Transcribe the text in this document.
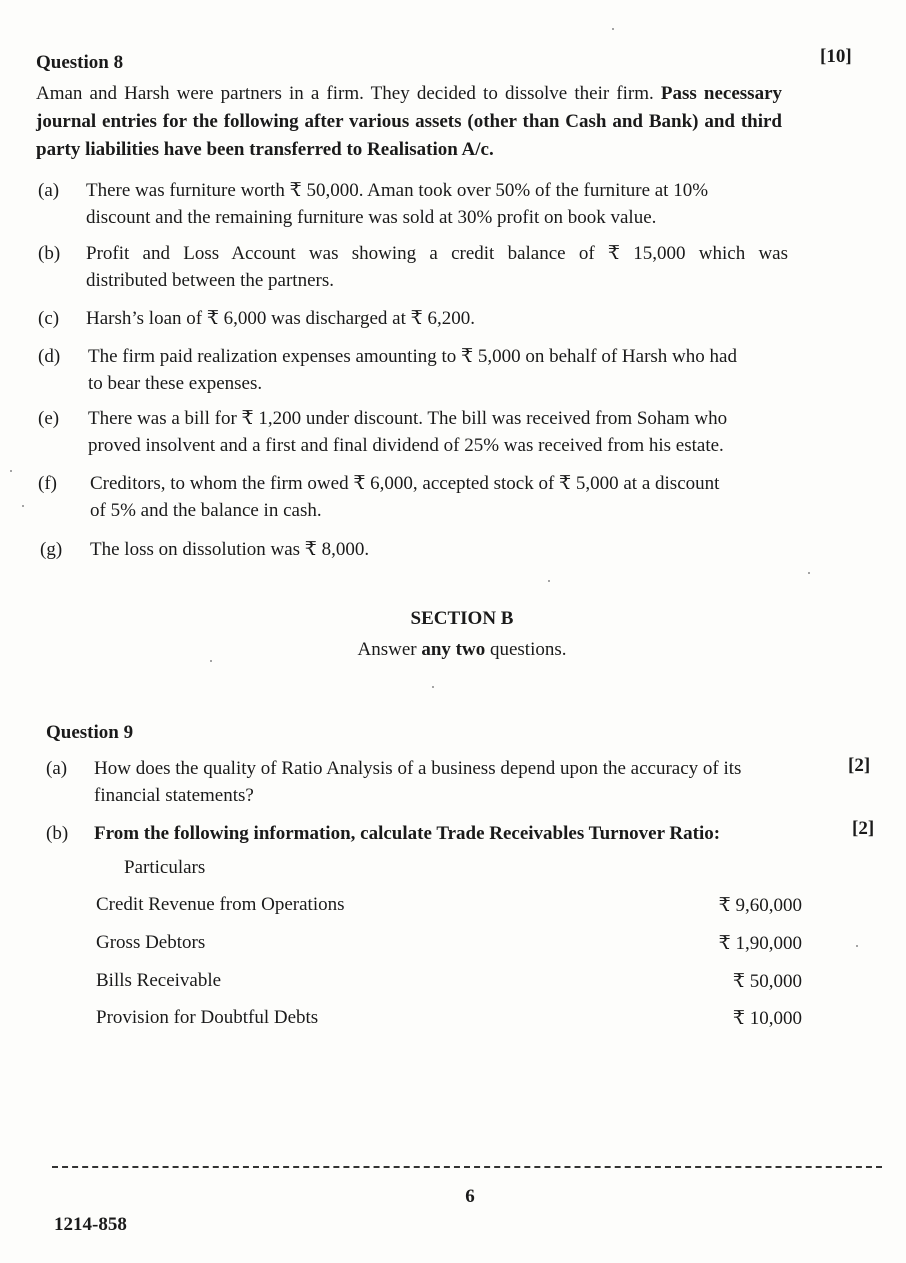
Question 8	[10]
Aman and Harsh were partners in a firm. They decided to dissolve their firm. Pass necessary journal entries for the following after various assets (other than Cash and Bank) and third party liabilities have been transferred to Realisation A/c.
(a) There was furniture worth ₹ 50,000. Aman took over 50% of the furniture at 10%
discount and the remaining furniture was sold at 30% profit on book value.
(b) Profit and Loss Account was showing a credit balance of ₹ 15,000 which was
distributed between the partners.
(c) Harsh’s loan of ₹ 6,000 was discharged at ₹ 6,200.
(d) The firm paid realization expenses amounting to ₹ 5,000 on behalf of Harsh who had
to bear these expenses.
(e) There was a bill for ₹ 1,200 under discount. The bill was received from Soham who
proved insolvent and a first and final dividend of 25% was received from his estate.
(f) Creditors, to whom the firm owed ₹ 6,000, accepted stock of ₹ 5,000 at a discount
of 5% and the balance in cash.
(g) The loss on dissolution was ₹ 8,000.
SECTION B
Answer any two questions.
Question 9
(a) How does the quality of Ratio Analysis of a business depend upon the accuracy of its
financial statements?
[2]
(b) From the following information, calculate Trade Receivables Turnover Ratio:	[2]
Particulars
Credit Revenue from Operations	₹ 9,60,000
Gross Debtors	₹ 1,90,000
Bills Receivable	₹ 50,000
Provision for Doubtful Debts	₹ 10,000
6
1214-858
